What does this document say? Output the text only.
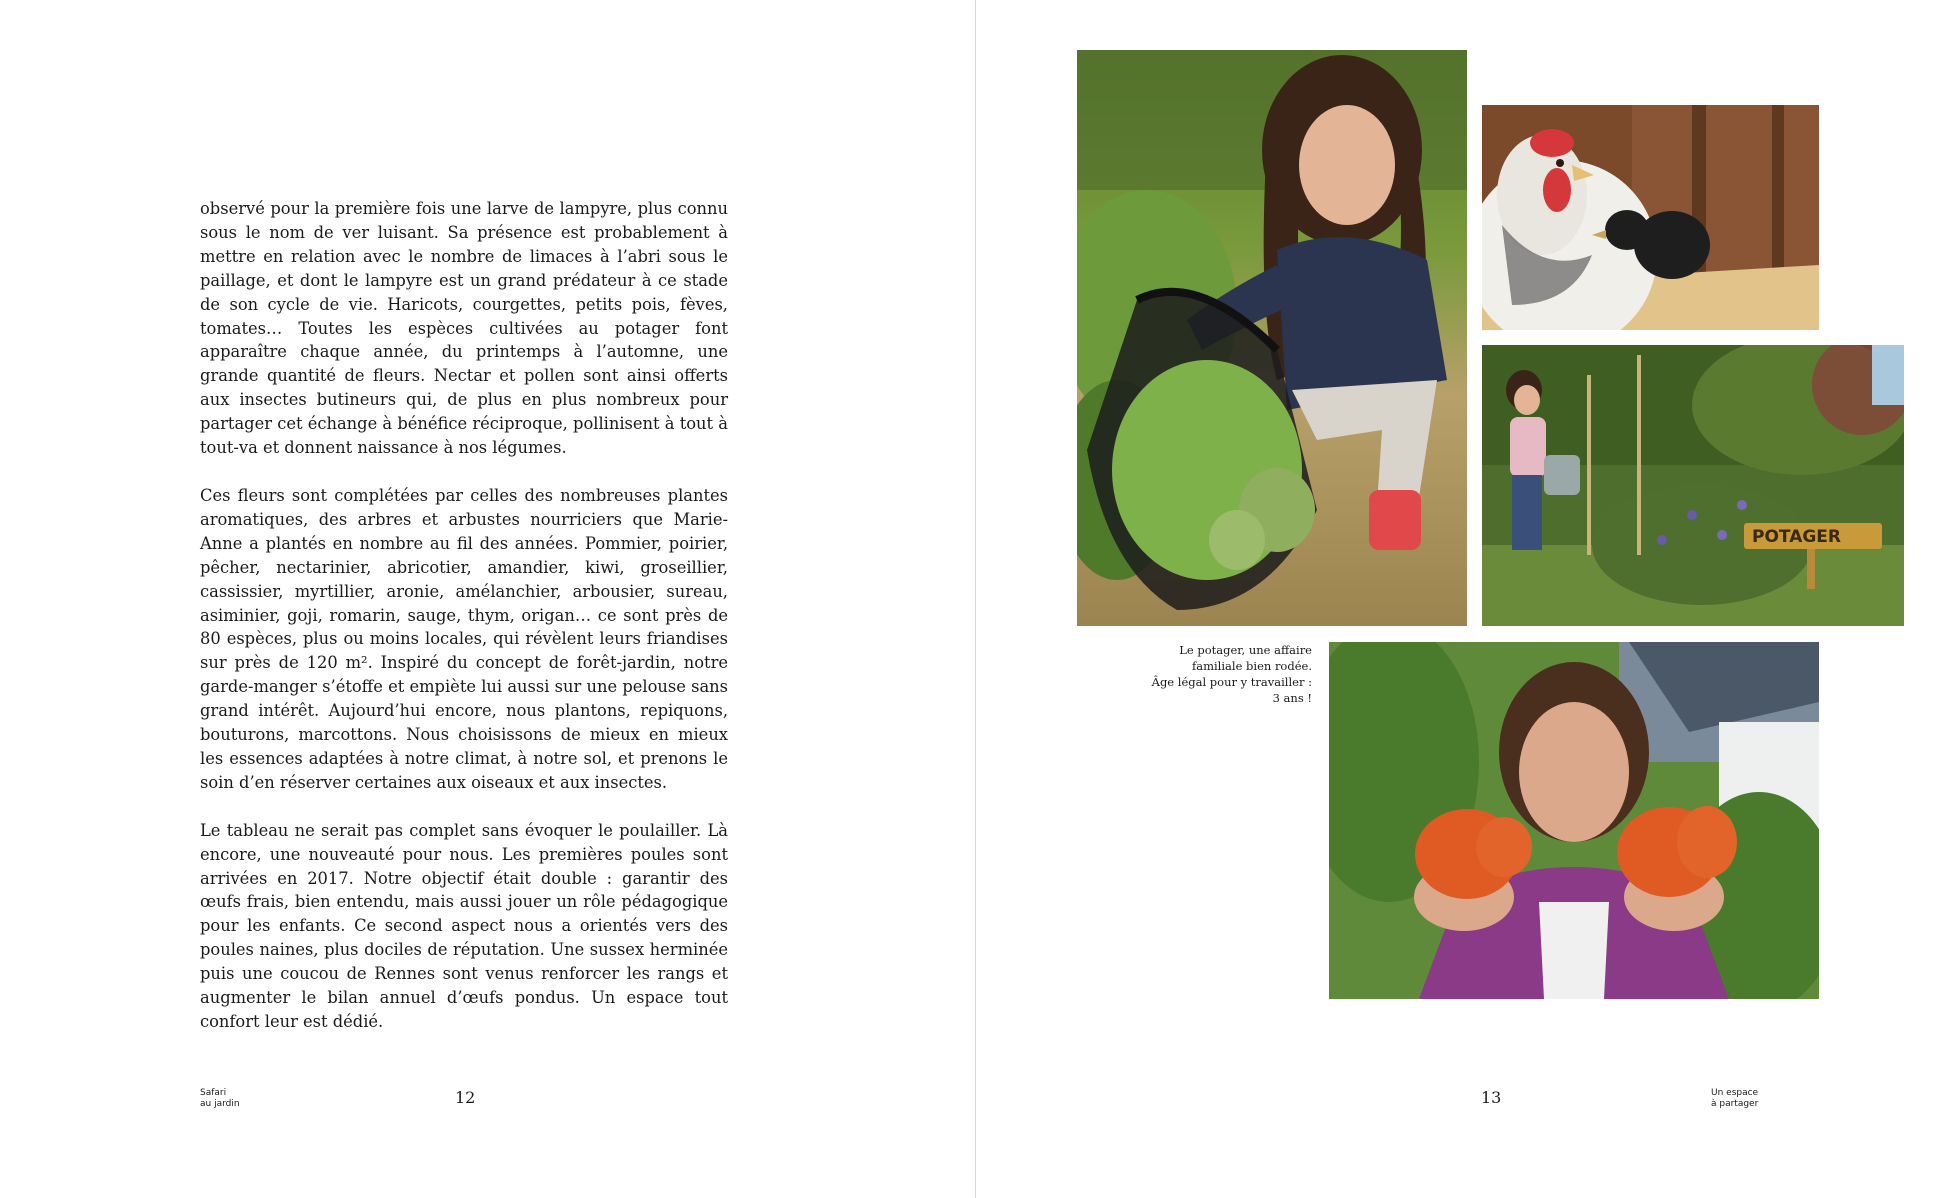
observé pour la première fois une larve de lampyre, plus connu sous le nom de ver luisant. Sa présence est probablement à mettre en relation avec le nombre de limaces à l’abri sous le paillage, et dont le lampyre est un grand prédateur à ce stade de son cycle de vie. Haricots, courgettes, petits pois, fèves, tomates… Toutes les espèces cultivées au potager font apparaître chaque année, du printemps à l’automne, une grande quantité de fleurs. Nectar et pollen sont ainsi offerts aux insectes butineurs qui, de plus en plus nombreux pour partager cet échange à bénéfice réciproque, pollinisent à tout à tout-va et donnent naissance à nos légumes.

Ces fleurs sont complétées par celles des nombreuses plantes aromatiques, des arbres et arbustes nourriciers que Marie-Anne a plantés en nombre au fil des années. Pommier, poirier, pêcher, nectarinier, abricotier, amandier, kiwi, groseillier, cassissier, myrtillier, aronie, amélanchier, arbousier, sureau, asiminier, goji, romarin, sauge, thym, origan… ce sont près de 80 espèces, plus ou moins locales, qui révèlent leurs friandises sur près de 120 m². Inspiré du concept de forêt-jardin, notre garde-manger s’étoffe et empiète lui aussi sur une pelouse sans grand intérêt. Aujourd’hui encore, nous plantons, repiquons, bouturons, marcottons. Nous choisissons de mieux en mieux les essences adaptées à notre climat, à notre sol, et prenons le soin d’en réserver certaines aux oiseaux et aux insectes.

Le tableau ne serait pas complet sans évoquer le poulailler. Là encore, une nouveauté pour nous. Les premières poules sont arrivées en 2017. Notre objectif était double : garantir des œufs frais, bien entendu, mais aussi jouer un rôle pédagogique pour les enfants. Ce second aspect nous a orientés vers des poules naines, plus dociles de réputation. Une sussex herminée puis une coucou de Rennes sont venus renforcer les rangs et augmenter le bilan annuel d’œufs pondus. Un espace tout confort leur est dédié.

Safari
au jardin	12
POTAGER
Le potager, une affaire
familiale bien rodée.
Âge légal pour y travailler :
3 ans !
13	Un espace
à partager
